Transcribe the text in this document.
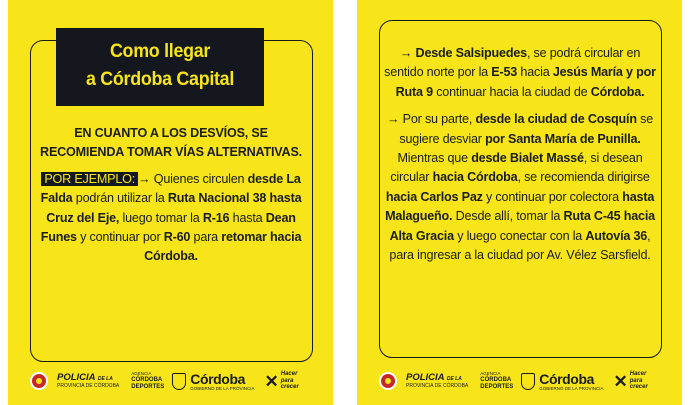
Como llegar
a Córdoba Capital
EN CUANTO A LOS DESVÍOS, SE RECOMIENDA TOMAR VÍAS ALTERNATIVAS.
POR EJEMPLO: → Quienes circulen desde La Falda podrán utilizar la Ruta Nacional 38 hasta Cruz del Eje, luego tomar la R-16 hasta Dean Funes y continuar por R-60 para retomar hacia Córdoba.
POLICIA DE LA
PROVINCIA DE CÓRDOBA
AGENCIA
CÓRDOBA
DEPORTES
Córdoba
GOBIERNO DE LA PROVINCIA ✕ Hacer
para
crecer
→ Desde Salsipuedes, se podrá circular en sentido norte por la E-53 hacia Jesús María y por Ruta 9 continuar hacia la ciudad de Córdoba.
→ Por su parte, desde la ciudad de Cosquín se sugiere desviar por Santa María de Punilla. Mientras que desde Bialet Massé, si desean circular hacia Córdoba, se recomienda dirigirse hacia Carlos Paz y continuar por colectora hasta Malagueño. Desde allí, tomar la Ruta C-45 hacia Alta Gracia y luego conectar con la Autovía 36, para ingresar a la ciudad por Av. Vélez Sarsfield.
POLICIA DE LA
PROVINCIA DE CÓRDOBA
AGENCIA
CÓRDOBA
DEPORTES
Córdoba
GOBIERNO DE LA PROVINCIA ✕ Hacer
para
crecer
